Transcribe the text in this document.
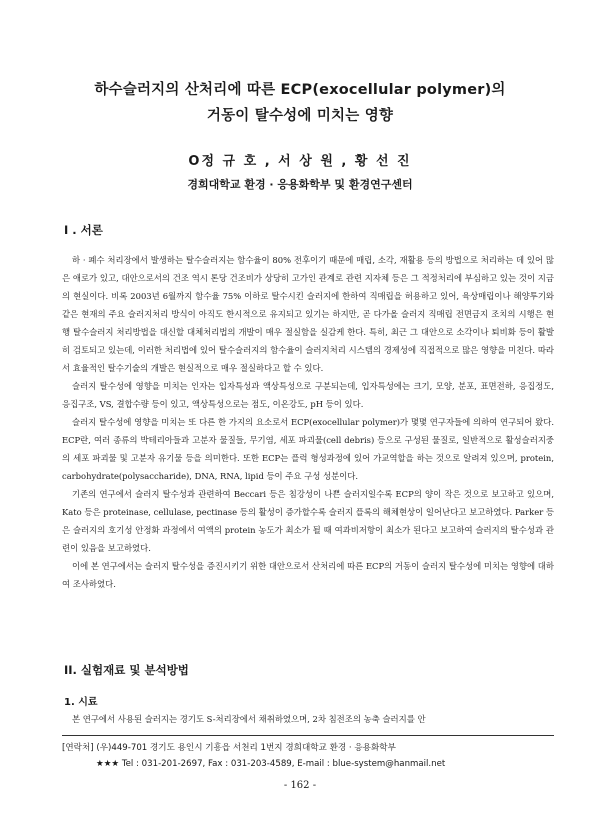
하수슬러지의 산처리에 따른 ECP(exocellular polymer)의
거동이 탈수성에 미치는 영향
O정 규 호 , 서 상 원 , 황 선 진
경희대학교 환경 · 응용화학부 및 환경연구센터
I . 서론

하 · 폐수 처리장에서 발생하는 탈수슬러지는 함수율이 80% 전후이기 때문에 매립, 소각, 재활용 등의 방법으로 처리하는 데 있어 많은 애로가 있고, 대안으로서의 건조 역시 톤당 건조비가 상당히 고가인 관계로 관련 지자체 등은 그 적정처리에 부심하고 있는 것이 지금의 현실이다. 비록 2003년 6월까지 함수율 75% 이하로 탈수시킨 슬러지에 한하여 직매립을 허용하고 있어, 육상매립이나 해양투기와 같은 현재의 주요 슬러지처리 방식이 아직도 한시적으로 유지되고 있기는 하지만, 곧 다가올 슬러지 직매립 전면금지 조치의 시행은 현행 탈수슬러지 처리방법을 대신할 대체처리법의 개발이 매우 절실함을 실감케 한다. 특히, 최근 그 대안으로 소각이나 퇴비화 등이 활발히 검토되고 있는데, 이러한 처리법에 있어 탈수슬러지의 함수율이 슬러지처리 시스템의 경제성에 직접적으로 많은 영향을 미친다. 따라서 효율적인 탈수기술의 개발은 현실적으로 매우 절실하다고 할 수 있다.

슬러지 탈수성에 영향을 미치는 인자는 입자특성과 액상특성으로 구분되는데, 입자특성에는 크기, 모양, 분포, 표면전하, 응집정도, 응집구조, VS, 결합수량 등이 있고, 액상특성으로는 점도, 이온강도, pH 등이 있다.

슬러지 탈수성에 영향을 미치는 또 다른 한 가지의 요소로서 ECP(exocellular polymer)가 몇몇 연구자들에 의하여 연구되어 왔다. ECP란, 여러 종류의 박테리아들과 고분자 물질들, 무기염, 세포 파괴물(cell debris) 등으로 구성된 물질로, 일반적으로 활성슬러지중의 세포 파괴물 및 고분자 유기물 등을 의미한다. 또한 ECP는 플럭 형성과정에 있어 가교역할을 하는 것으로 알려져 있으며, protein, carbohydrate(polysaccharide), DNA, RNA, lipid 등이 주요 구성 성분이다.

기존의 연구에서 슬러지 탈수성과 관련하여 Beccari 등은 침강성이 나쁜 슬러지일수록 ECP의 양이 작은 것으로 보고하고 있으며, Kato 등은 proteinase, cellulase, pectinase 등의 활성이 증가할수록 슬러지 플록의 해체현상이 일어난다고 보고하였다. Parker 등은 슬러지의 호기성 안정화 과정에서 여액의 protein 농도가 최소가 될 때 여과비저항이 최소가 된다고 보고하여 슬러지의 탈수성과 관련이 있음을 보고하였다.

이에 본 연구에서는 슬러지 탈수성을 증진시키기 위한 대안으로서 산처리에 따른 ECP의 거동이 슬러지 탈수성에 미치는 영향에 대하여 조사하였다.

II. 실험재료 및 분석방법
1. 시료

본 연구에서 사용된 슬러지는 경기도 S-처리장에서 채취하였으며, 2차 침전조의 농축 슬러지를 안

[연락처] (우)449-701 경기도 용인시 기흥읍 서천리 1번지 경희대학교 환경 · 응용화학부
★★★ Tel : 031-201-2697, Fax : 031-203-4589, E-mail : blue-system@hanmail.net
- 162 -
